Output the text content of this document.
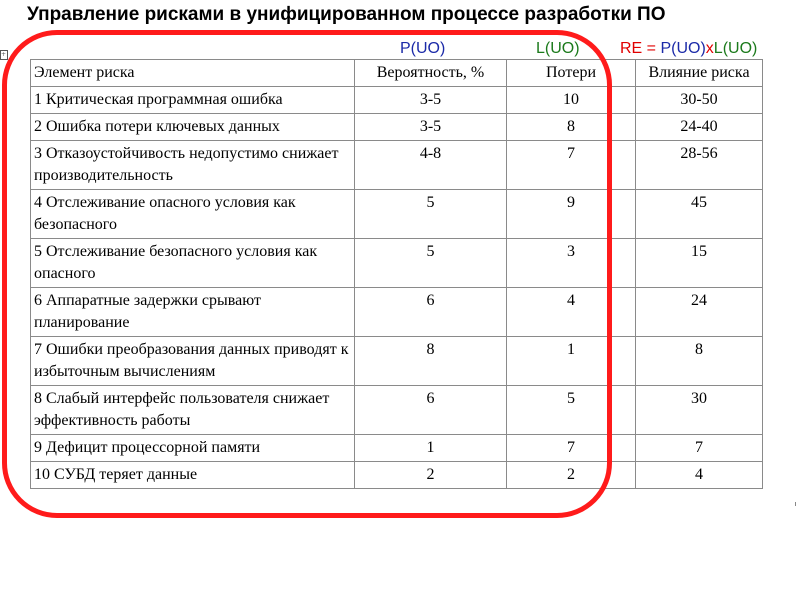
Управление рисками в унифицированном процессе разработки ПО
+	P(UO)	L(UO)	RE = P(UO)xL(UO)
Элемент риска	Вероятность, %	Потери	Влияние риска
1 Критическая программная ошибка	3-5	10	30-50
2 Ошибка потери ключевых данных	3-5	8	24-40
3 Отказоустойчивость недопустимо снижает производительность	4-8	7	28-56
4 Отслеживание опасного условия как безопасного	5	9	45
5 Отслеживание безопасного условия как опасного	5	3	15
6 Аппаратные задержки срывают планирование	6	4	24
7 Ошибки преобразования данных приводят к избыточным вычислениям	8	1	8
8 Слабый интерфейс пользователя снижает эффективность работы	6	5	30
9 Дефицит процессорной памяти	1	7	7
10 СУБД теряет данные	2	2	4
